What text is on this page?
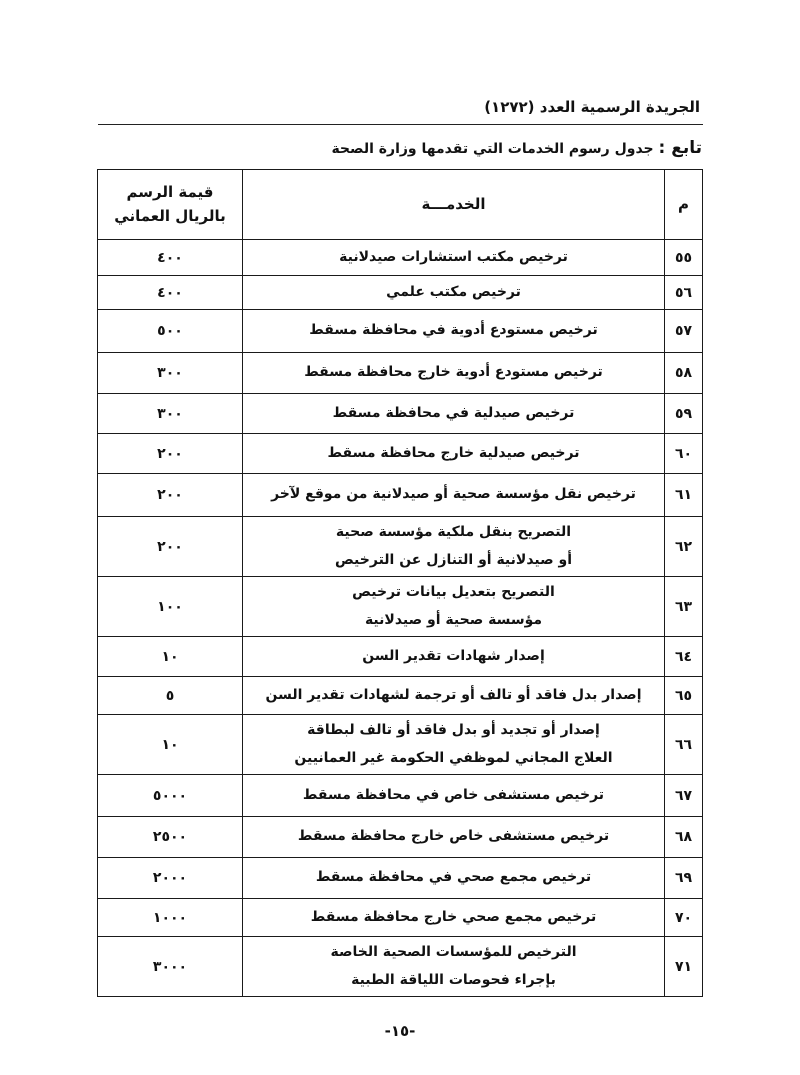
الجريدة الرسمية العدد (١٢٧٢)
تابع : جدول رسوم الخدمات التي تقدمها وزارة الصحة
م	الخدمـــة	قيمة الرسم
بالريال العماني

٥٥	ترخيص مكتب استشارات صيدلانية	٤٠٠
٥٦	ترخيص مكتب علمي	٤٠٠
٥٧	ترخيص مستودع أدوية في محافظة مسقط	٥٠٠
٥٨	ترخيص مستودع أدوية خارج محافظة مسقط	٣٠٠
٥٩	ترخيص صيدلية في محافظة مسقط	٣٠٠
٦٠	ترخيص صيدلية خارج محافظة مسقط	٢٠٠
٦١	ترخيص نقل مؤسسة صحية أو صيدلانية من موقع لآخر	٢٠٠
٦٢	التصريح بنقل ملكية مؤسسة صحية
أو صيدلانية أو التنازل عن الترخيص	٢٠٠
٦٣	التصريح بتعديل بيانات ترخيص
مؤسسة صحية أو صيدلانية	١٠٠
٦٤	إصدار شهادات تقدير السن	١٠
٦٥	إصدار بدل فاقد أو تالف أو ترجمة لشهادات تقدير السن	٥
٦٦	إصدار أو تجديد أو بدل فاقد أو تالف لبطاقة
العلاج المجاني لموظفي الحكومة غير العمانيين	١٠
٦٧	ترخيص مستشفى خاص في محافظة مسقط	٥٠٠٠
٦٨	ترخيص مستشفى خاص خارج محافظة مسقط	٢٥٠٠
٦٩	ترخيص مجمع صحي في محافظة مسقط	٢٠٠٠
٧٠	ترخيص مجمع صحي خارج محافظة مسقط	١٠٠٠
٧١	الترخيص للمؤسسات الصحية الخاصة
بإجراء فحوصات اللياقة الطبية	٣٠٠٠
-١٥-
